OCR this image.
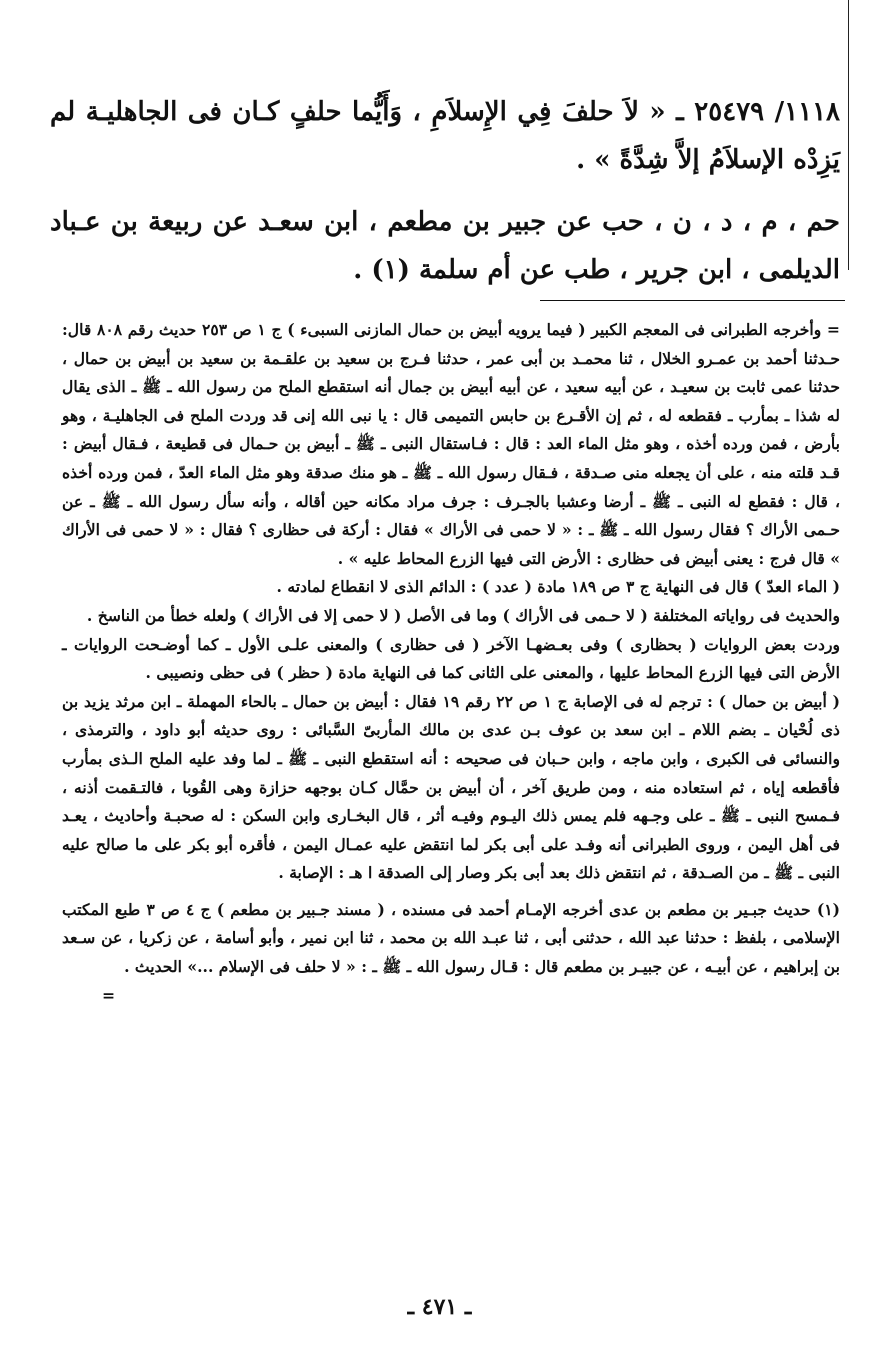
١١١٨/ ٢٥٤٧٩ ـ « لاَ حلفَ فِي الإِسلاَمِ ، وَأَيُّما حلفٍ كـان فى الجاهليـة لم يَزِدْه الإسلاَمُ إلاَّ شِدَّةً » .

حم ، م ، د ، ن ، حب عن جبير بن مطعم ، ابن سعـد عن ربيعة بن عـباد الديلمى ، ابن جرير ، طب عن أم سلمة (١) .

= وأخرجه الطبرانى فى المعجم الكبير ( فيما يرويه أبيض بن حمال المازنى السبىء ) ج ١ ص ٢٥٣ حديث رقم ٨٠٨ قال: حـدثنا أحمد بن عمـرو الخلال ، ثنا محمـد بن أبى عمر ، حدثنا فـرج بن سعيد بن علقـمة بن سعيد بن أبيض بن حمال ، حدثنا عمى ثابت بن سعيـد ، عن أبيه سعيد ، عن أبيه أبيض بن جمال أنه استقطع الملح من رسول الله ـ ﷺ ـ الذى يقال له شذا ـ بمأرب ـ فقطعه له ، ثم إن الأقـرع بن حابس التميمى قال : يا نبى الله إنى قد وردت الملح فى الجاهليـة ، وهو بأرض ، فمن ورده أخذه ، وهو مثل الماء العد : قال : فـاستقال النبى ـ ﷺ ـ أبيض بن حـمال فى قطيعة ، فـقال أبيض : قـد قلته منه ، على أن يجعله منى صـدقة ، فـقال رسول الله ـ ﷺ ـ هو منك صدقة وهو مثل الماء العدّ ، فمن ورده أخذه ، قال : فقطع له النبى ـ ﷺ ـ أرضا وعشبا بالجـرف : جرف مراد مكانه حين أقاله ، وأنه سأل رسول الله ـ ﷺ ـ عن حـمى الأراك ؟ فقال رسول الله ـ ﷺ ـ : « لا حمى فى الأراك » فقال : أركة فى حظارى ؟ فقال : « لا حمى فى الأراك » قال فرج : يعنى أبيض فى حظارى : الأرض التى فيها الزرع المحاط عليه » .

( الماء العدّ ) قال فى النهاية ج ٣ ص ١٨٩ مادة ( عدد ) : الدائم الذى لا انقطاع لمادته .

والحديث فى رواياته المختلفة ( لا حـمى فى الأراك ) وما فى الأصل ( لا حمى إلا فى الأراك ) ولعله خطأ من الناسخ .

وردت بعض الروايات ( بحظارى ) وفى بعـضهـا الآخر ( فى حظارى ) والمعنى علـى الأول ـ كما أوضـحت الروايات ـ الأرض التى فيها الزرع المحاط عليها ، والمعنى على الثانى كما فى النهاية مادة ( حظر ) فى حظى ونصيبى .

( أبيض بن حمال ) : ترجم له فى الإصابة ج ١ ص ٢٢ رقم ١٩ فقال : أبيض بن حمال ـ بالحاء المهملة ـ ابن مرثد يزيد بن ذى لُحْيان ـ بضم اللام ـ ابن سعد بن عوف بـن عدى بن مالك المأربىّ السَّبائى : روى حديثه أبو داود ، والترمذى ، والنسائى فى الكبرى ، وابن ماجه ، وابن حـبان فى صحيحه : أنه استقطع النبى ـ ﷺ ـ لما وفد عليه الملح الـذى بمأرب فأقطعه إياه ، ثم استعاده منه ، ومن طريق آخر ، أن أبيض بن حمَّال كـان بوجهه حزازة وهى القُوبا ، فالتـقمت أذنه ، فـمسح النبى ـ ﷺ ـ على وجـهه فلم يمس ذلك اليـوم وفيـه أثر ، قال البخـارى وابن السكن : له صحبـة وأحاديث ، يعـد فى أهل اليمن ، وروى الطبرانى أنه وفـد على أبى بكر لما انتقض عليه عمـال اليمن ، فأقره أبو بكر على ما صالح عليه النبى ـ ﷺ ـ من الصـدقة ، ثم انتقض ذلك بعد أبى بكر وصار إلى الصدقة ا هـ : الإصابة .

(١) حديث جبـير بن مطعم بن عدى أخرجه الإمـام أحمد فى مسنده ، ( مسند جـبير بن مطعم ) ج ٤ ص ٣ طبع المكتب الإسلامى ، بلفظ : حدثنا عبد الله ، حدثنى أبى ، ثنا عبـد الله بن محمد ، ثنا ابن نمير ، وأبو أسامة ، عن زكريا ، عن سـعد بن إبراهيم ، عن أبيـه ، عن جبيـر بن مطعم قال : قـال رسول الله ـ ﷺ ـ : « لا حلف فى الإسلام ...» الحديث .

=
ـ ٤٧١ ـ
